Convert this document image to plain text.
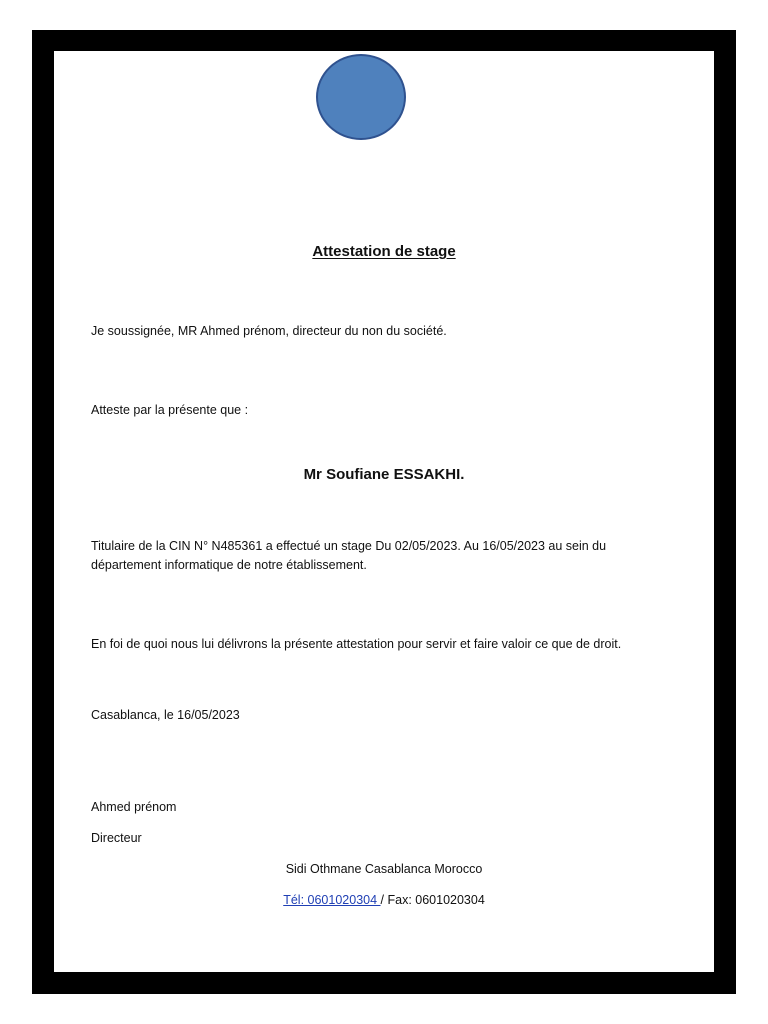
Attestation de stage
Je soussignée, MR Ahmed prénom, directeur du non du société.
Atteste par la présente que :
Mr Soufiane ESSAKHI.
Titulaire de la CIN N° N485361 a effectué un stage Du 02/05/2023. Au 16/05/2023 au sein du
département informatique de notre établissement.
En foi de quoi nous lui délivrons la présente attestation pour servir et faire valoir ce que de droit.
Casablanca, le 16/05/2023
Ahmed prénom
Directeur
Sidi Othmane Casablanca Morocco
Tél: 0601020304 / Fax: 0601020304
